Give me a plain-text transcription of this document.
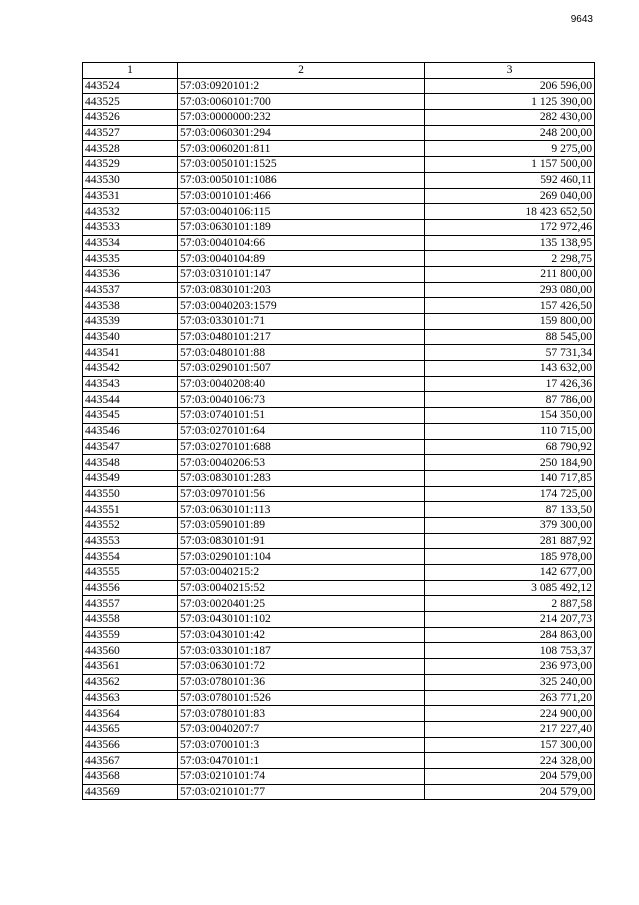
9643
1	2	3
443524	57:03:0920101:2	206 596,00
443525	57:03:0060101:700	1 125 390,00
443526	57:03:0000000:232	282 430,00
443527	57:03:0060301:294	248 200,00
443528	57:03:0060201:811	9 275,00
443529	57:03:0050101:1525	1 157 500,00
443530	57:03:0050101:1086	592 460,11
443531	57:03:0010101:466	269 040,00
443532	57:03:0040106:115	18 423 652,50
443533	57:03:0630101:189	172 972,46
443534	57:03:0040104:66	135 138,95
443535	57:03:0040104:89	2 298,75
443536	57:03:0310101:147	211 800,00
443537	57:03:0830101:203	293 080,00
443538	57:03:0040203:1579	157 426,50
443539	57:03:0330101:71	159 800,00
443540	57:03:0480101:217	88 545,00
443541	57:03:0480101:88	57 731,34
443542	57:03:0290101:507	143 632,00
443543	57:03:0040208:40	17 426,36
443544	57:03:0040106:73	87 786,00
443545	57:03:0740101:51	154 350,00
443546	57:03:0270101:64	110 715,00
443547	57:03:0270101:688	68 790,92
443548	57:03:0040206:53	250 184,90
443549	57:03:0830101:283	140 717,85
443550	57:03:0970101:56	174 725,00
443551	57:03:0630101:113	87 133,50
443552	57:03:0590101:89	379 300,00
443553	57:03:0830101:91	281 887,92
443554	57:03:0290101:104	185 978,00
443555	57:03:0040215:2	142 677,00
443556	57:03:0040215:52	3 085 492,12
443557	57:03:0020401:25	2 887,58
443558	57:03:0430101:102	214 207,73
443559	57:03:0430101:42	284 863,00
443560	57:03:0330101:187	108 753,37
443561	57:03:0630101:72	236 973,00
443562	57:03:0780101:36	325 240,00
443563	57:03:0780101:526	263 771,20
443564	57:03:0780101:83	224 900,00
443565	57:03:0040207:7	217 227,40
443566	57:03:0700101:3	157 300,00
443567	57:03:0470101:1	224 328,00
443568	57:03:0210101:74	204 579,00
443569	57:03:0210101:77	204 579,00
